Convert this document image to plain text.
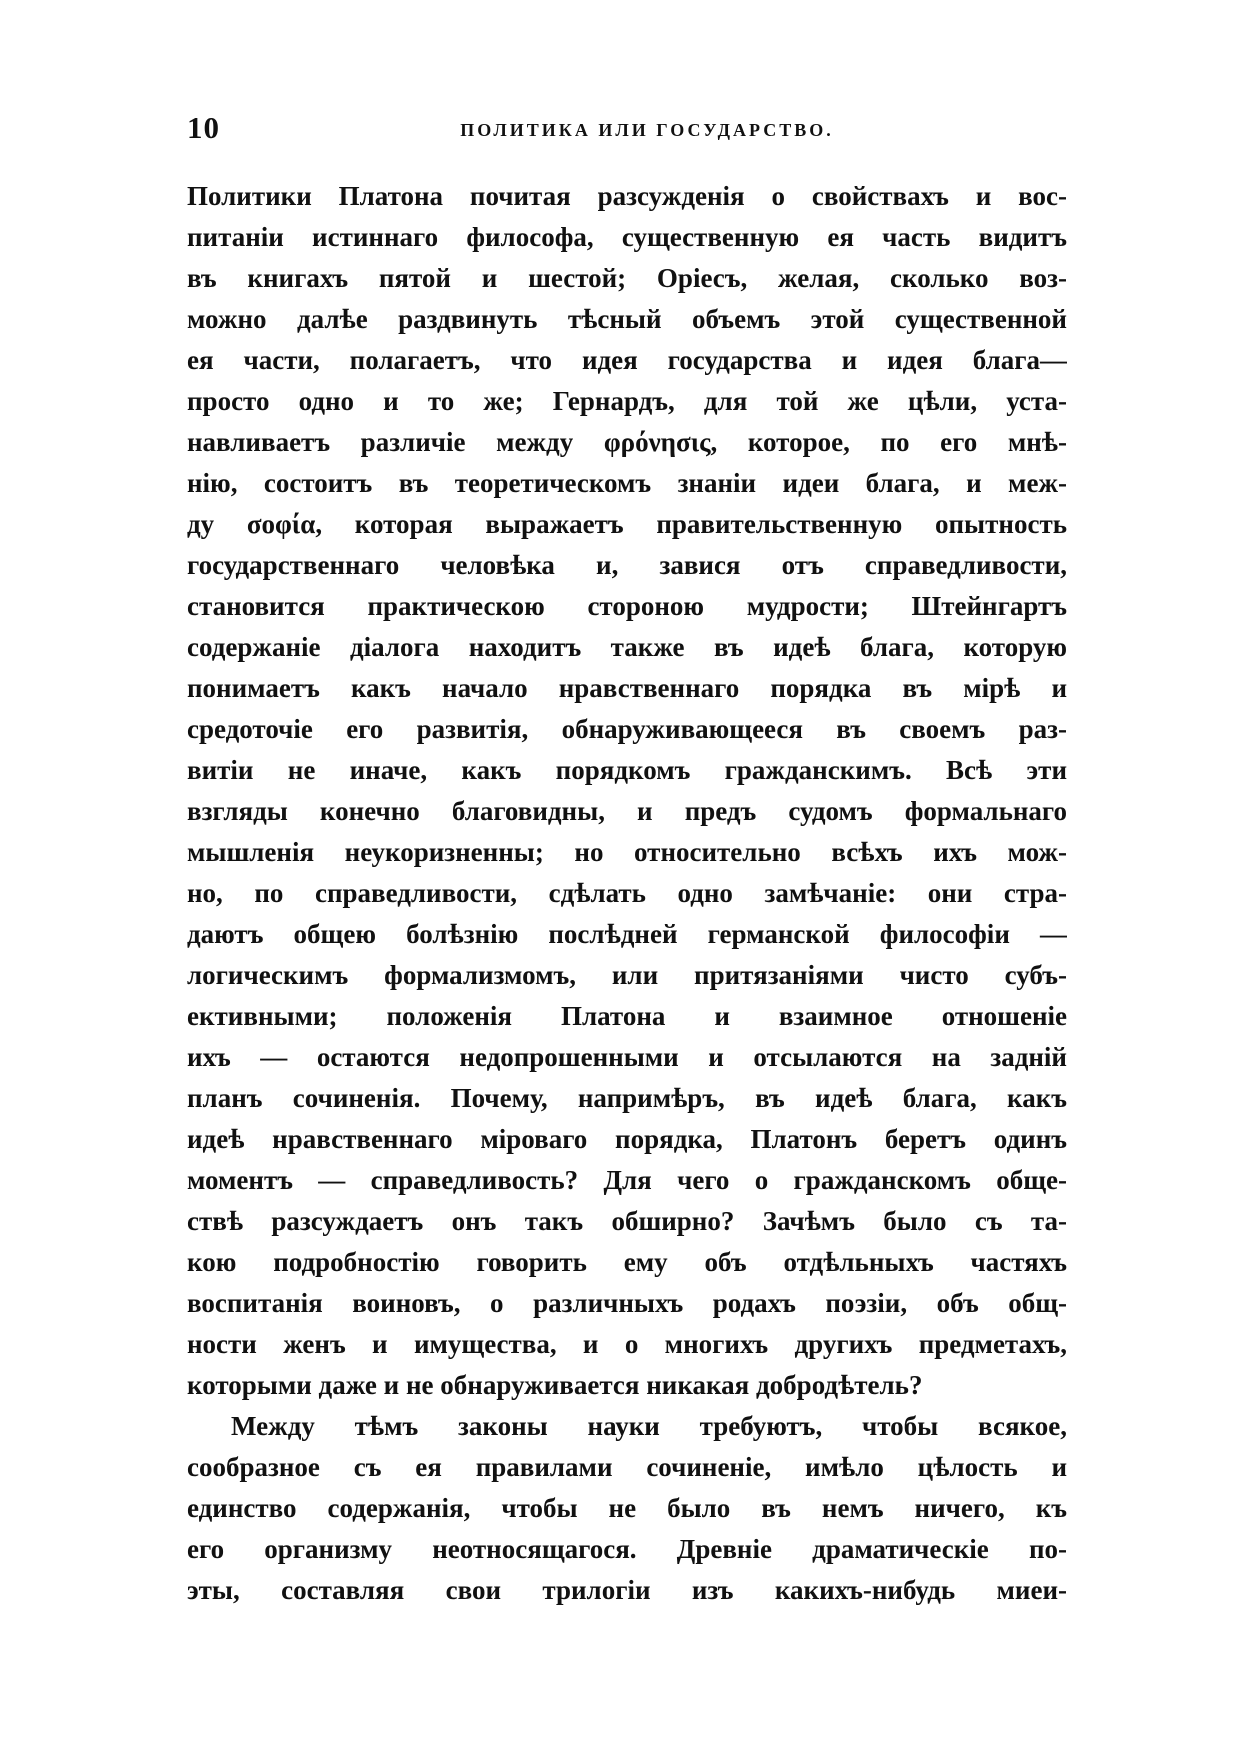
10	ПОЛИТИКА ИЛИ ГОСУДАРСТВО.
Политики Платона почитая разсужденія о свойствахъ и вос-
питаніи истиннаго философа, существенную ея часть видитъ
въ книгахъ пятой и шестой; Орiесъ, желая, сколько воз-
можно далѣе раздвинуть тѣсный объемъ этой существенной
ея части, полагаетъ, что идея государства и идея блага—
просто одно и то же; Гернардъ, для той же цѣли, уста-
навливаетъ различіе между φρόνησις, которое, по его мнѣ-
нію, состоитъ въ теоретическомъ знаніи идеи блага, и меж-
ду σοφία, которая выражаетъ правительственную опытность
государственнаго человѣка и, завися отъ справедливости,
становится практическою стороною мудрости; Штейнгартъ
содержаніе діалога находитъ также въ идеѣ блага, которую
понимаетъ какъ начало нравственнаго порядка въ мірѣ и
средоточіе его развитія, обнаруживающееся въ своемъ раз-
витіи не иначе, какъ порядкомъ гражданскимъ. Всѣ эти
взгляды конечно благовидны, и предъ судомъ формальнаго
мышленія неукоризненны; но относительно всѣхъ ихъ мож-
но, по справедливости, сдѣлать одно замѣчаніе: они стра-
даютъ общею болѣзнію послѣдней германской философіи —
логическимъ формализмомъ, или притязаніями чисто субъ-
ективными; положенія Платона и взаимное отношеніе
ихъ — остаются недопрошенными и отсылаются на задній
планъ сочиненія. Почему, напримѣръ, въ идеѣ блага, какъ
идеѣ нравственнаго міроваго порядка, Платонъ беретъ одинъ
моментъ — справедливость? Для чего о гражданскомъ обще-
ствѣ разсуждаетъ онъ такъ обширно? Зачѣмъ было съ та-
кою подробностію говорить ему объ отдѣльныхъ частяхъ
воспитанія воиновъ, о различныхъ родахъ поэзіи, объ общ-
ности женъ и имущества, и о многихъ другихъ предметахъ,
которыми даже и не обнаруживается никакая добродѣтель?
Между тѣмъ законы науки требуютъ, чтобы всякое,
сообразное съ ея правилами сочиненіе, имѣло цѣлость и
единство содержанія, чтобы не было въ немъ ничего, къ
его организму неотносящагося. Древніе драматическіе по-
эты, составляя свои трилогіи изъ какихъ-нибудь миеи-
